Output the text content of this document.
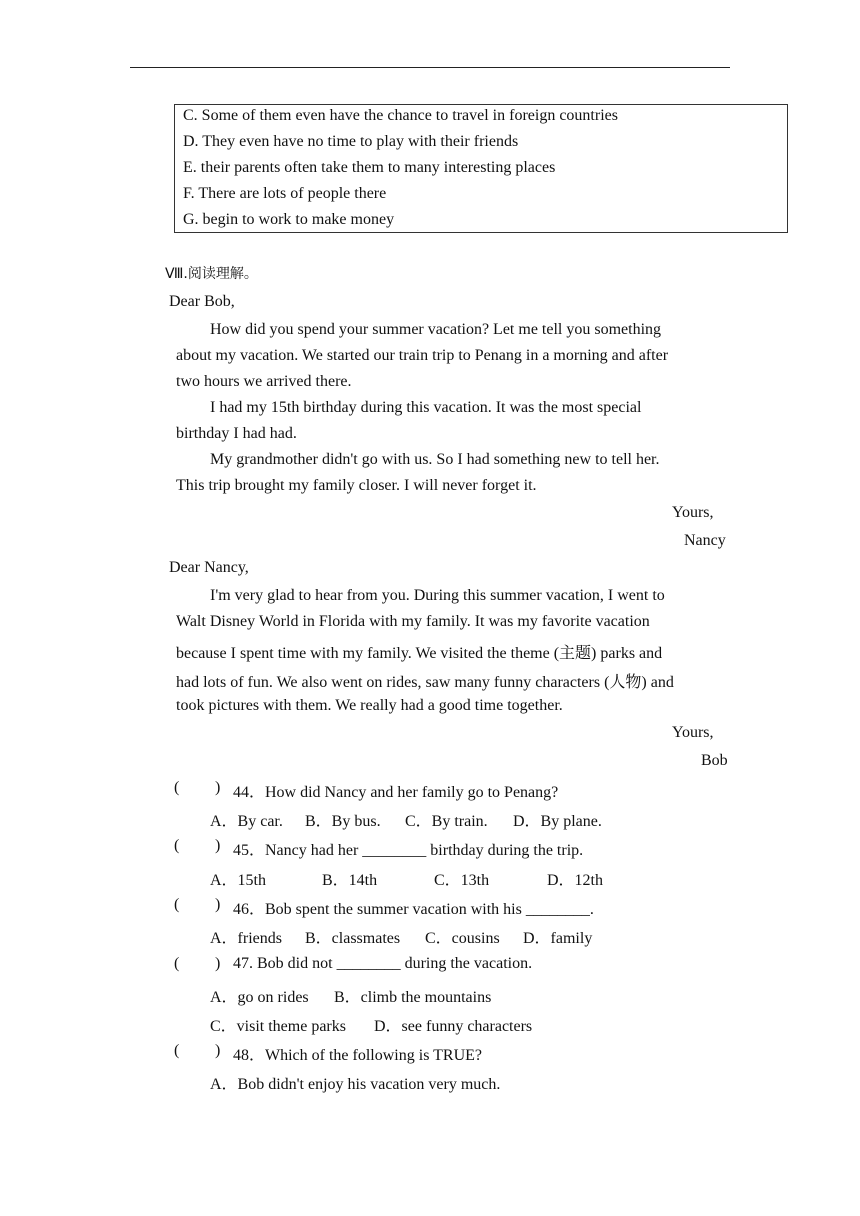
C. Some of them even have the chance to travel in foreign countries
D. They even have no time to play with their friends
E. their parents often take them to many interesting places
F. There are lots of people there
G. begin to work to make money
Ⅷ.阅读理解。
Dear Bob,
How did you spend your summer vacation? Let me tell you something
about my vacation. We started our train trip to Penang in a morning and after
two hours we arrived there.
I had my 15th birthday during this vacation. It was the most special
birthday I had had.
My grandmother didn't go with us. So I had something new to tell her.
This trip brought my family closer. I will never forget it.
Yours,
Nancy
Dear Nancy,
I'm very glad to hear from you. During this summer vacation, I went to
Walt Disney World in Florida with my family. It was my favorite vacation
because I spent time with my family. We visited the theme (主题) parks and
had lots of fun. We also went on rides, saw many funny characters (人物) and
took pictures with them. We really had a good time together.
Yours,
Bob
( ) 44．How did Nancy and her family go to Penang?
A．By car. B．By bus. C．By train. D．By plane.
( ) 45．Nancy had her ________ birthday during the trip.
A．15th	B．14th	C．13th	D．12th
( ) 46．Bob spent the summer vacation with his ________.
A．friends B．classmates C．cousins D．family
( ) 47. Bob did not ________ during the vacation.
A．go on rides B．climb the mountains
C．visit theme parks D．see funny characters
( ) 48．Which of the following is TRUE?
A．Bob didn't enjoy his vacation very much.
